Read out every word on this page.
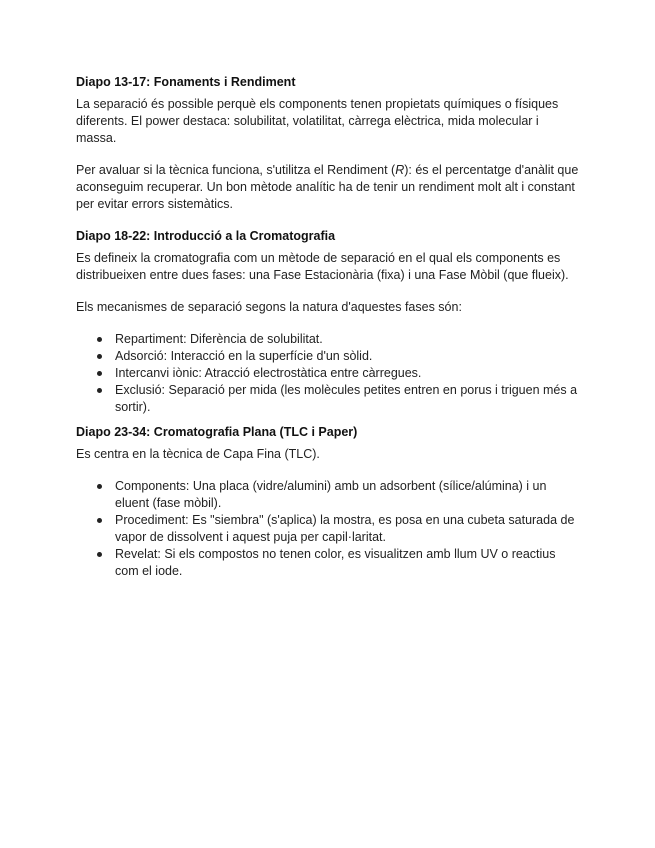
Diapo 13-17: Fonaments i Rendiment

La separació és possible perquè els components tenen propietats químiques o físiques diferents. El power destaca: solubilitat, volatilitat, càrrega elèctrica, mida molecular i massa.

Per avaluar si la tècnica funciona, s'utilitza el Rendiment (R): és el percentatge d'anàlit que aconseguim recuperar. Un bon mètode analític ha de tenir un rendiment molt alt i constant per evitar errors sistemàtics.

Diapo 18-22: Introducció a la Cromatografia

Es defineix la cromatografia com un mètode de separació en el qual els components es distribueixen entre dues fases: una Fase Estacionària (fixa) i una Fase Mòbil (que flueix).

Els mecanismes de separació segons la natura d'aquestes fases són:

Repartiment: Diferència de solubilitat.
Adsorció: Interacció en la superfície d'un sòlid.
Intercanvi iònic: Atracció electrostàtica entre càrregues.
Exclusió: Separació per mida (les molècules petites entren en porus i triguen més a sortir).
Diapo 23-34: Cromatografia Plana (TLC i Paper)

Es centra en la tècnica de Capa Fina (TLC).

Components: Una placa (vidre/alumini) amb un adsorbent (sílice/alúmina) i un eluent (fase mòbil).
Procediment: Es "siembra" (s'aplica) la mostra, es posa en una cubeta saturada de vapor de dissolvent i aquest puja per capil·laritat.
Revelat: Si els compostos no tenen color, es visualitzen amb llum UV o reactius com el iode.
